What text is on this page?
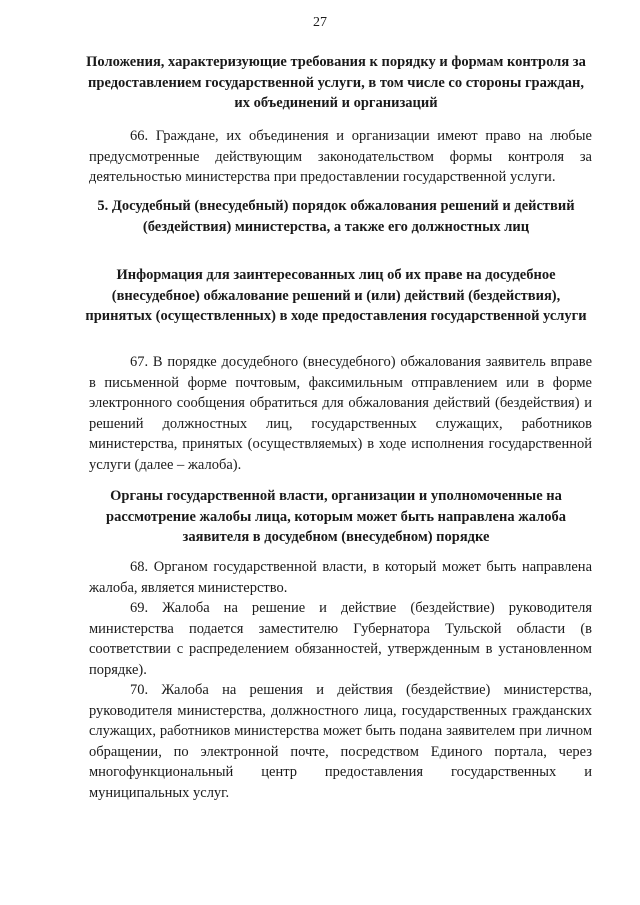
27

Положения, характеризующие требования к порядку и формам контроля за предоставлением государственной услуги, в том числе со стороны граждан, их объединений и организаций

66. Граждане, их объединения и организации имеют право на любые предусмотренные действующим законодательством формы контроля за деятельностью министерства при предоставлении государственной услуги.

5. Досудебный (внесудебный) порядок обжалования решений и действий (бездействия) министерства, а также его должностных лиц

Информация для заинтересованных лиц об их праве на досудебное (внесудебное) обжалование решений и (или) действий (бездействия), принятых (осуществленных) в ходе предоставления государственной услуги

67. В порядке досудебного (внесудебного) обжалования заявитель вправе в письменной форме почтовым, факсимильным отправлением или в форме электронного сообщения обратиться для обжалования действий (бездействия) и решений должностных лиц, государственных служащих, работников министерства, принятых (осуществляемых) в ходе исполнения государственной услуги (далее – жалоба).

Органы государственной власти, организации и уполномоченные на рассмотрение жалобы лица, которым может быть направлена жалоба заявителя в досудебном (внесудебном) порядке

68. Органом государственной власти, в который может быть направлена жалоба, является министерство.

69. Жалоба на решение и действие (бездействие) руководителя министерства подается заместителю Губернатора Тульской области (в соответствии с распределением обязанностей, утвержденным в установленном порядке).

70. Жалоба на решения и действия (бездействие) министерства, руководителя министерства, должностного лица, государственных гражданских служащих, работников министерства может быть подана заявителем при личном обращении, по электронной почте, посредством Единого портала, через многофункциональный центр предоставления государственных и муниципальных услуг.
